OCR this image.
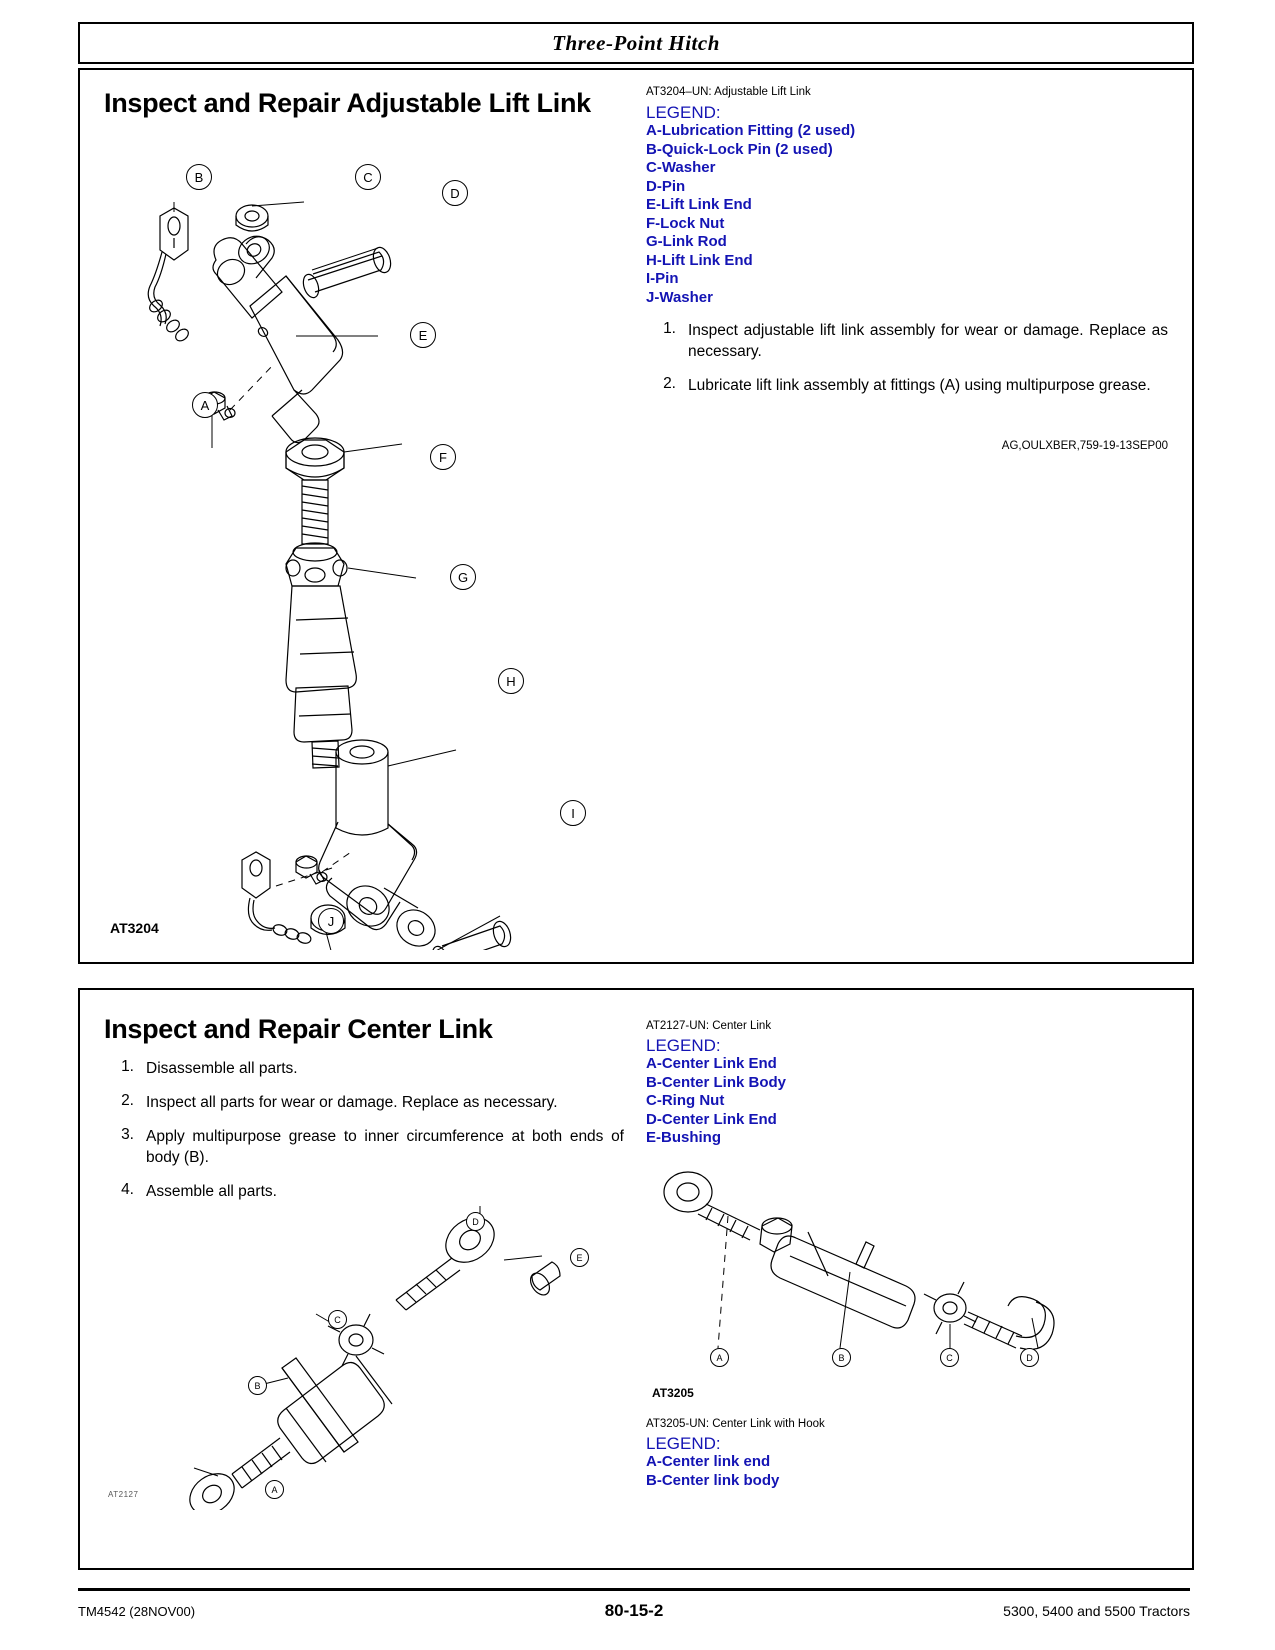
Three-Point Hitch
Inspect and Repair Adjustable Lift Link	AT3204–UN: Adjustable Lift Link
LEGEND:
A-Lubrication Fitting (2 used)
B-Quick-Lock Pin (2 used)
C-Washer
D-Pin
E-Lift Link End
F-Lock Nut
G-Link Rod
H-Lift Link End
I-Pin
J-Washer
1. Inspect adjustable lift link assembly for wear or damage. Replace as necessary.
2. Lubricate lift link assembly at fittings (A) using multipurpose grease.
AG,OULXBER,759-19-13SEP00
AT3204
B	C
D
E
A
F
G
H
I
J
Inspect and Repair Center Link
1. Disassemble all parts.
2. Inspect all parts for wear or damage. Replace as necessary.
3. Apply multipurpose grease to inner circumference at both ends of body (B).
4. Assemble all parts.
AT2127-UN: Center Link
LEGEND:
A-Center Link End
B-Center Link Body
C-Ring Nut
D-Center Link End
E-Bushing
AT3205-UN: Center Link with Hook
LEGEND:
A-Center link end
B-Center link body
AT3205
AT2127	A
B
C
D
E
A	B	C	D
TM4542 (28NOV00)	80-15-2	5300, 5400 and 5500 Tractors
